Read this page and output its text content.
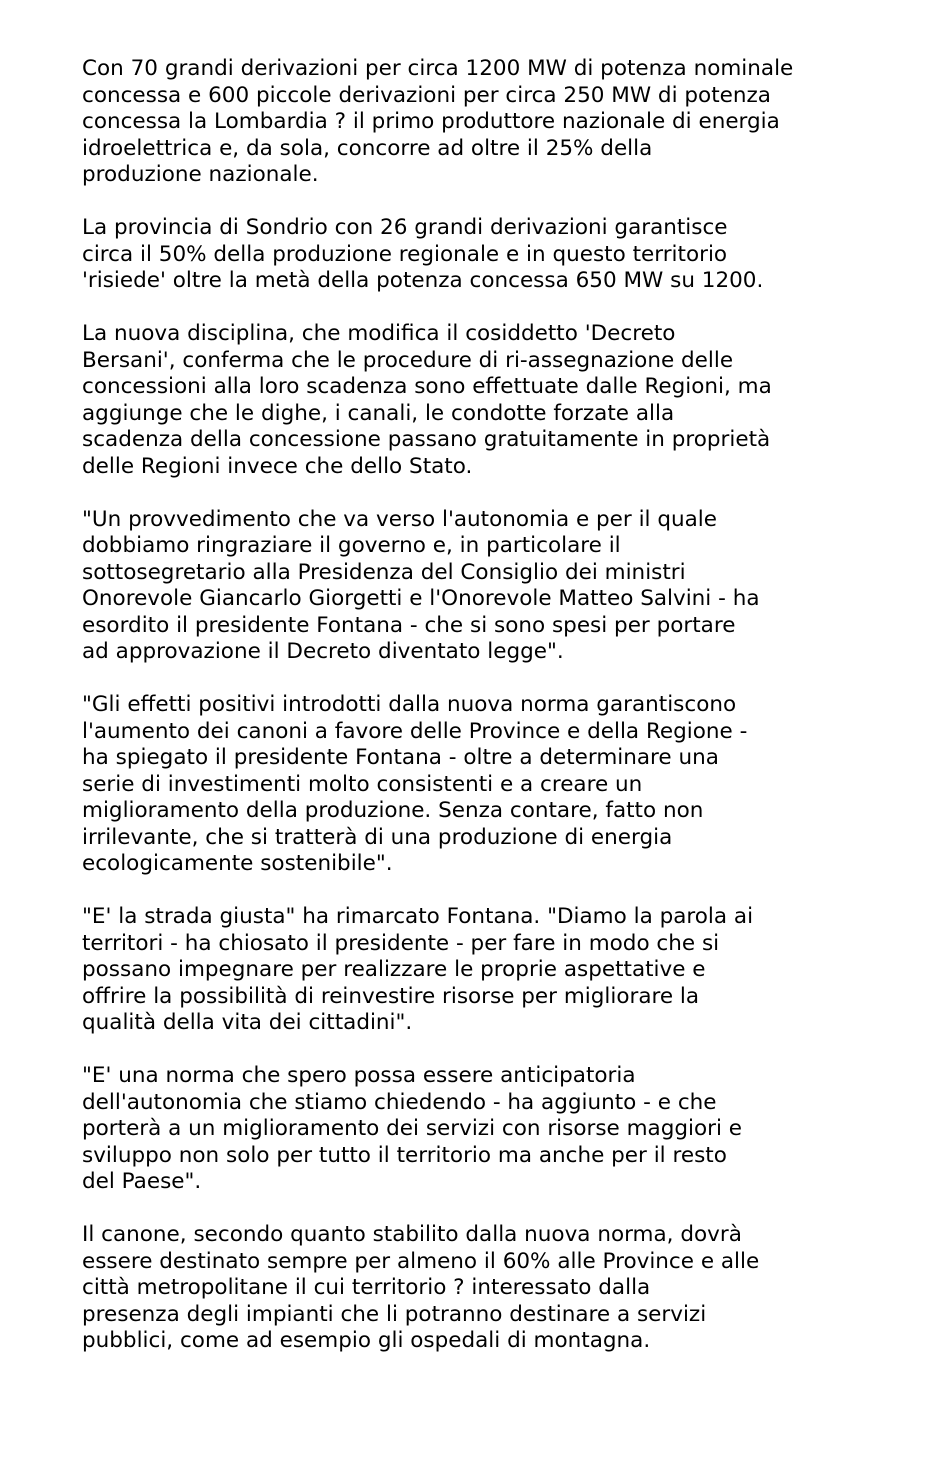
Con 70 grandi derivazioni per circa 1200 MW di potenza nominale
concessa e 600 piccole derivazioni per circa 250 MW di potenza
concessa la Lombardia ? il primo produttore nazionale di energia
idroelettrica e, da sola, concorre ad oltre il 25% della
produzione nazionale.

La provincia di Sondrio con 26 grandi derivazioni garantisce
circa il 50% della produzione regionale e in questo territorio
'risiede' oltre la metà della potenza concessa 650 MW su 1200.

La nuova disciplina, che modifica il cosiddetto 'Decreto
Bersani', conferma che le procedure di ri-assegnazione delle
concessioni alla loro scadenza sono effettuate dalle Regioni, ma
aggiunge che le dighe, i canali, le condotte forzate alla
scadenza della concessione passano gratuitamente in proprietà
delle Regioni invece che dello Stato.

"Un provvedimento che va verso l'autonomia e per il quale
dobbiamo ringraziare il governo e, in particolare il
sottosegretario alla Presidenza del Consiglio dei ministri
Onorevole Giancarlo Giorgetti e l'Onorevole Matteo Salvini - ha
esordito il presidente Fontana - che si sono spesi per portare
ad approvazione il Decreto diventato legge".

"Gli effetti positivi introdotti dalla nuova norma garantiscono
l'aumento dei canoni a favore delle Province e della Regione -
ha spiegato il presidente Fontana - oltre a determinare una
serie di investimenti molto consistenti e a creare un
miglioramento della produzione. Senza contare, fatto non
irrilevante, che si tratterà di una produzione di energia
ecologicamente sostenibile".

"E' la strada giusta" ha rimarcato Fontana. "Diamo la parola ai
territori - ha chiosato il presidente - per fare in modo che si
possano impegnare per realizzare le proprie aspettative e
offrire la possibilità di reinvestire risorse per migliorare la
qualità della vita dei cittadini".

"E' una norma che spero possa essere anticipatoria
dell'autonomia che stiamo chiedendo - ha aggiunto - e che
porterà a un miglioramento dei servizi con risorse maggiori e
sviluppo non solo per tutto il territorio ma anche per il resto
del Paese".

Il canone, secondo quanto stabilito dalla nuova norma, dovrà
essere destinato sempre per almeno il 60% alle Province e alle
città metropolitane il cui territorio ? interessato dalla
presenza degli impianti che li potranno destinare a servizi
pubblici, come ad esempio gli ospedali di montagna.
